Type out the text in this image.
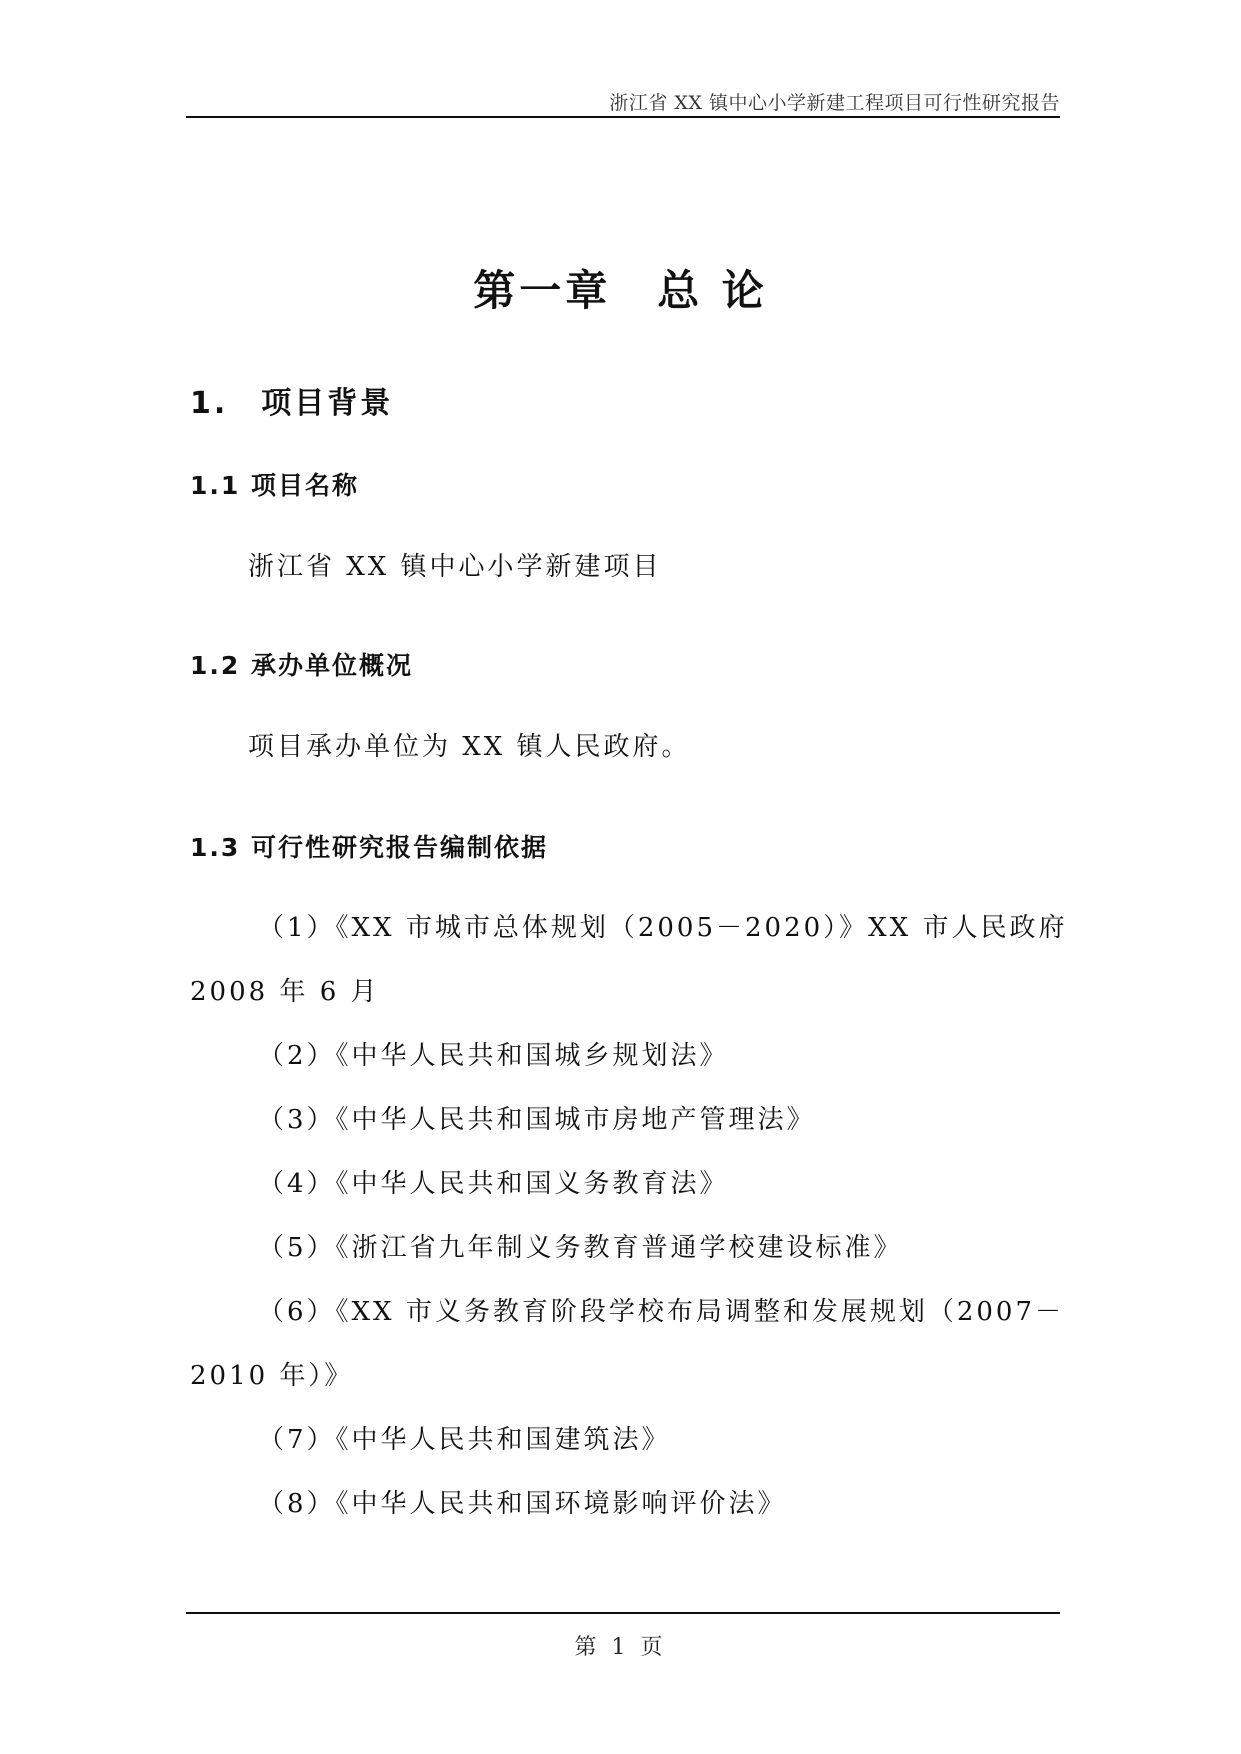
浙江省 XX 镇中心小学新建工程项目可行性研究报告
第一章　总 论
1.　项目背景
1.1 项目名称
浙江省 XX 镇中心小学新建项目
1.2 承办单位概况
项目承办单位为 XX 镇人民政府。
1.3 可行性研究报告编制依据
（1）《XX 市城市总体规划（2005－2020）》XX 市人民政府 2008 年 6 月
（2）《中华人民共和国城乡规划法》
（3）《中华人民共和国城市房地产管理法》
（4）《中华人民共和国义务教育法》
（5）《浙江省九年制义务教育普通学校建设标准》
（6）《XX 市义务教育阶段学校布局调整和发展规划（2007－2010 年）》
（7）《中华人民共和国建筑法》
（8）《中华人民共和国环境影响评价法》
第 1 页
